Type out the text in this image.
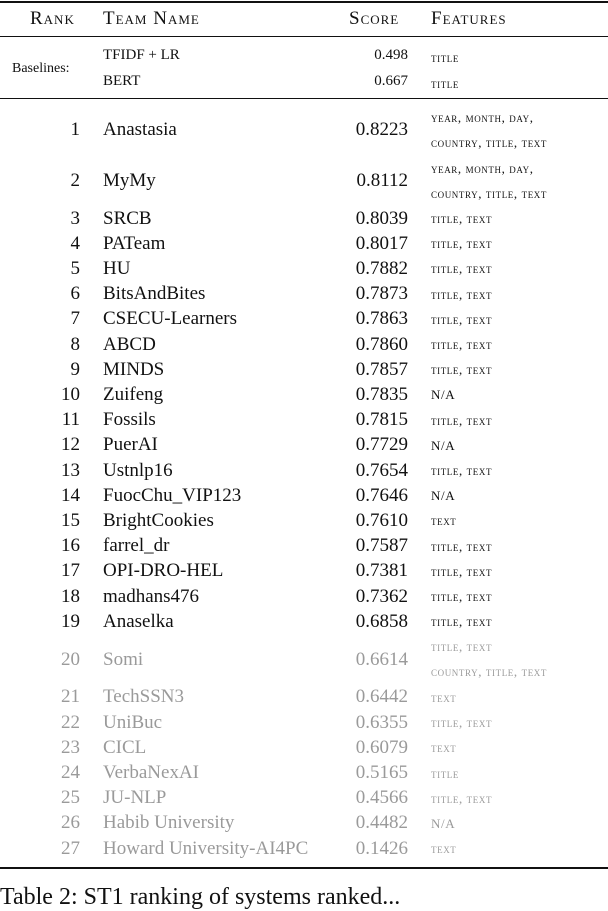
Rank Team Name	Score Features
Baselines:
TFIDF + LR	0.498 title
BERT	0.667 title
1 Anastasia	0.8223
year, month, day,
country, title, text
2 MyMy	0.8112
year, month, day,
country, title, text
3 SRCB	0.8039 title, text
4 PATeam	0.8017 title, text
5 HU	0.7882 title, text
6 BitsAndBites	0.7873 title, text
7 CSECU-Learners	0.7863 title, text
8 ABCD	0.7860 title, text
9 MINDS	0.7857 title, text
10 Zuifeng	0.7835 N/A
11 Fossils	0.7815 title, text
12 PuerAI	0.7729 N/A
13 Ustnlp16	0.7654 title, text
14 FuocChu_VIP123	0.7646 N/A
15 BrightCookies	0.7610 text
16 farrel_dr	0.7587 title, text
17 OPI-DRO-HEL	0.7381 title, text
18 madhans476	0.7362 title, text
19 Anaselka	0.6858 title, text
20 Somi	0.6614
title, text
country, title, text
21 TechSSN3	0.6442 text
22 UniBuc	0.6355 title, text
23 CICL	0.6079 text
24 VerbaNexAI	0.5165 title
25 JU-NLP	0.4566 title, text
26 Habib University	0.4482 N/A
27 Howard University-AI4PC 0.1426 text
Table 2: ST1 ranking of systems ranked...
